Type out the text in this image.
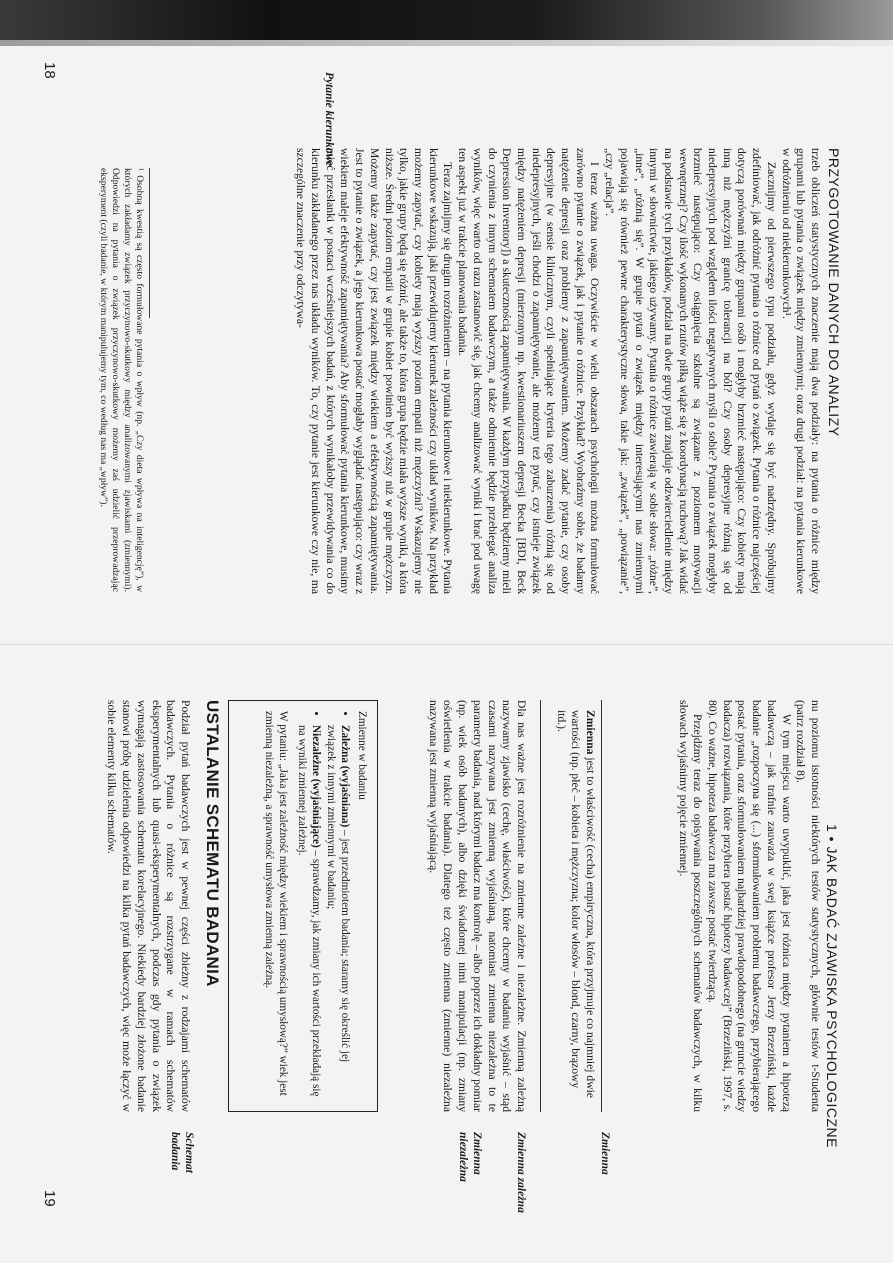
18
PRZYGOTOWANIE DANYCH DO ANALIZY
Pytanie kierunkowe

trzeb obliczeń statystycznych znaczenie mają dwa podziały: na pytania o różnice między grupami lub pytania o związek między zmiennymi; oraz drugi podział: na pytania kierunkowe w odróżnieniu od niekierunkowych¹.

Zacznijmy od pierwszego typu podziału, gdyż wydaje się być nadrzędny. Spróbujmy zdefiniować, jak odróżnić pytania o różnice od pytań o związek. Pytania o różnice najczęściej dotyczą porównań między grupami osób i mogłyby brzmieć następująco: Czy kobiety mają inną niż mężczyźni granicę tolerancji na ból? Czy osoby depresyjne różnią się od niedepresyjnych pod względem ilości negatywnych myśli o sobie? Pytania o związek mogłyby brzmieć następująco: Czy osiągnięcia szkolne są związane z poziomem motywacji wewnętrznej? Czy ilość wykonanych rzutów piłką wiąże się z koordynacją ruchową? Jak widać na podstawie tych przykładów, podział na dwie grupy pytań znajduje odzwierciedlenie między innymi w słownictwie, jakiego używamy. Pytania o różnice zawierają w sobie słowa: „różne”, „inne”, „różnią się”. W grupie pytań o związek między interesującymi nas zmiennymi pojawiają się również pewne charakterystyczne słowa, takie jak: „związek”, „powiązanie”, „czy „relacja”.

I teraz ważna uwaga. Oczywiście w wielu obszarach psychologii można formułować zarówno pytanie o związek, jak i pytanie o różnice. Przykład? Wyobraźmy sobie, że badamy natężenie depresji oraz problemy z zapamiętywaniem. Możemy zadać pytanie, czy osoby depresyjne (w sensie klinicznym, czyli spełniające kryteria tego zaburzenia) różnią się od niedepresyjnych, jeśli chodzi o zapamiętywanie, ale możemy też pytać, czy istnieje związek między natężeniem depresji (mierzonym np. kwestionariuszem depresji Becka [BDI, Beck Depression Inventory]) a skutecznością zapamiętywania. W każdym przypadku będziemy mieli do czynienia z innym schematem badawczym, a także odmiennie będzie przebiegać analiza wyników, więc warto od razu zastanowić się, jak chcemy analizować wyniki i brać pod uwagę ten aspekt już w trakcie planowania badania.

Teraz zajmijmy się drugim rozróżnieniem – na pytania kierunkowe i niekierunkowe. Pytania kierunkowe wskazują, jaki przewidujemy kierunek zależności czy układ wyników. Na przykład możemy zapytać, czy kobiety mają wyższy poziom empatii niż mężczyźni? Wskazujemy nie tylko, jakie grupy będą się różnić, ale także to, która grupa będzie miała wyższe wyniki, a która niższe. Średni poziom empatii w grupie kobiet powinien być wyższy niż w grupie mężczyzn. Możemy także zapytać, czy jest związek między wiekiem a efektywnością zapamiętywania. Jest to pytanie o związek, a jego kierunkowa postać mogłaby wyglądać następująco: czy wraz z wiekiem maleje efektywność zapamiętywania? Aby sformułować pytania kierunkowe, musimy mieć przesłanki w postaci wcześniejszych badań, z których wynikałoby przewidywania co do kierunku zakładanego przez nas układu wyników. To, czy pytanie jest kierunkowe czy nie, ma szczególne znaczenie przy odczytywa-

¹ Osobną kwestią są często formułowane pytania o wpływ (np. „Czy dieta wpływa na inteligencję”), w których zakładamy związek przyczynowo-skutkowy między analizowanymi zjawiskami (zmiennymi). Odpowiedzi na pytania o związek przyczynowo-skutkowy możemy zaś udzielić przeprowadzając eksperyment (czyli badanie, w którym manipulujemy tym, co według nas ma „wpływ”).
1 • JAK BADAĆ ZJAWISKA PSYCHOLOGICZNE
19

nu poziomu istotności niektórych testów statystycznych, głównie testów t-Studenta (patrz rozdział 8).

W tym miejscu warto uwypuklić, jaka jest różnica między pytaniem a hipotezą badawczą – jak trafnie zauważa w swej książce profesor Jerzy Brzeziński, każde badanie „rozpoczyna się (...) sformułowaniem problemu badawczego, przybierającego postać pytania, oraz sformułowaniem najbardziej prawdopodobnego (na gruncie wiedzy badacza) rozwiązania, które przybiera postać hipotezy badawczej” (Brzeziński, 1997, s. 80). Co ważne, hipoteza badawcza ma zawsze postać twierdzącą.

Przejdźmy teraz do opisywania poszczególnych schematów badawczych, w kilku słowach wyjaśnimy pojęcie zmiennej.

Zmienna jest to właściwość (cecha) empiryczna, która przyjmuje co najmniej dwie wartości (np. płeć – kobieta i mężczyzna; kolor włosów – blond, czarny, brązowy itd.).

Dla nas ważne jest rozróżnienie na zmienne zależne i niezależne. Zmienną zależną nazywamy zjawisko (cechę, właściwość), które chcemy w badaniu wyjaśnić – stąd czasami nazywana jest zmienną wyjaśnianą, natomiast zmienna niezależna to te parametry badania, nad którymi badacz ma kontrolę – albo poprzez ich dokładny pomiar (np. wiek osób badanych), albo dzięki świadomej nimi manipulacji (np. zmiany oświetlenia w trakcie badania). Dlatego też często zmienna (zmienne) niezależna nazywana jest zmienną wyjaśniającą.

Zmienne w badaniu
• Zależna (wyjaśniana) – jest przedmiotem badania; staramy się określić jej związek z innymi zmiennymi w badaniu;
• Niezależne (wyjaśniające) – sprawdzamy, jak zmiany ich wartości przekładają się na wyniki zmiennej zależnej.
W pytaniu: „Jaka jest zależność między wiekiem i sprawnością umysłową?” wiek jest zmienną niezależną, a sprawność umysłowa zmienną zależną.
USTALANIE SCHEMATU BADANIA

Podział pytań badawczych jest w pewnej części zbieżny z rodzajami schematów badawczych. Pytania o różnice są rozstrzygane w ramach schematów eksperymentalnych lub quasi-eksperymentalnych, podczas gdy pytania o związek wymagają zastosowania schematu korelacyjnego. Niekiedy bardziej złożone badanie stanowi próbę udzielenia odpowiedzi na kilka pytań badawczych, więc może łączyć w sobie elementy kilku schematów.

Zmienna
Zmienna zależna
Zmienna niezależna
Schemat badania
